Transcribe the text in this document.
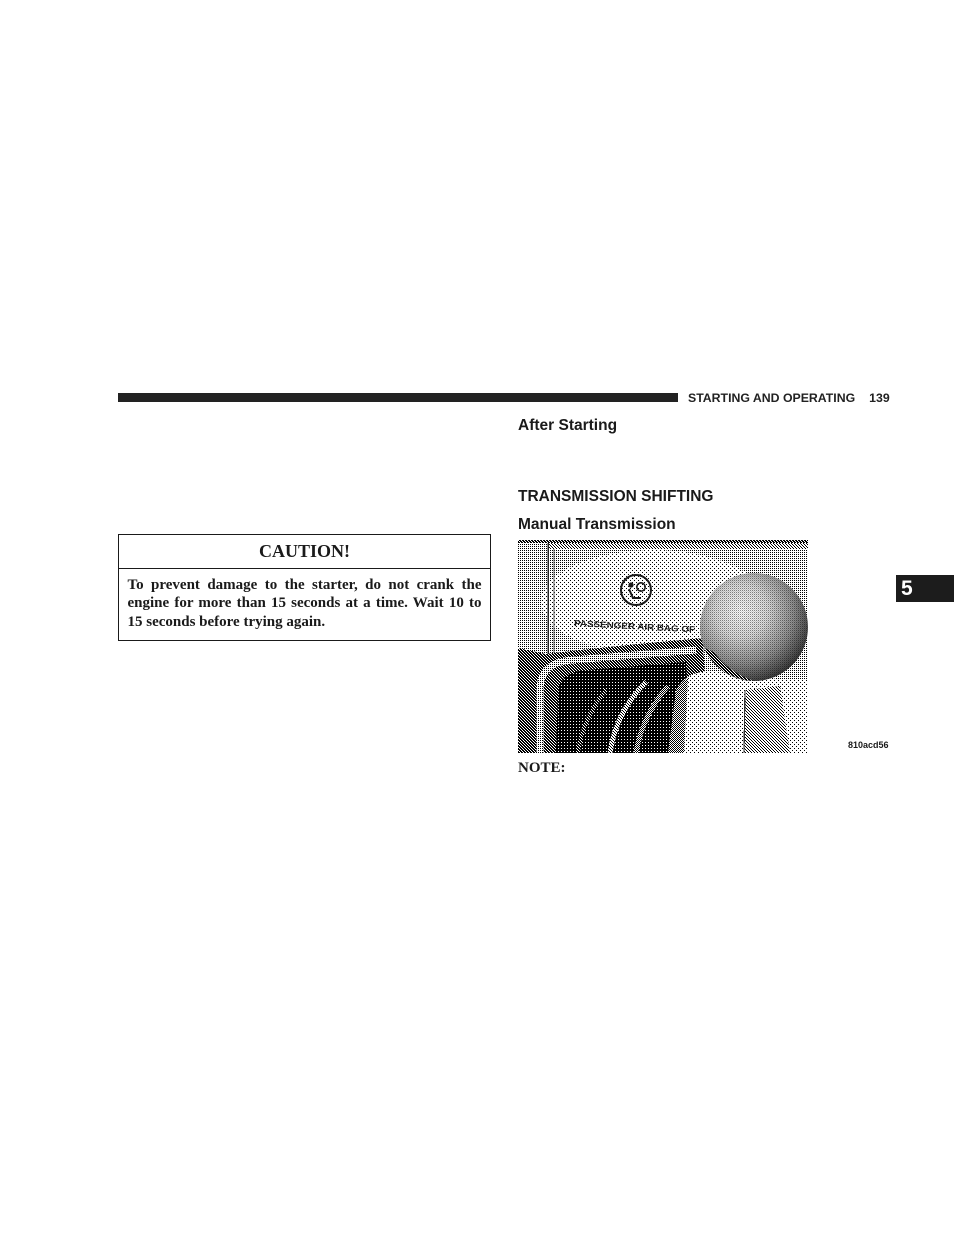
STARTING AND OPERATING 139
5
CAUTION!
To prevent damage to the starter, do not crank the engine for more than 15 seconds at a time. Wait 10 to 15 seconds before trying again.
After Starting
TRANSMISSION SHIFTING
Manual Transmission
PASSENGER AIR BAG OF
810acd56
NOTE:
